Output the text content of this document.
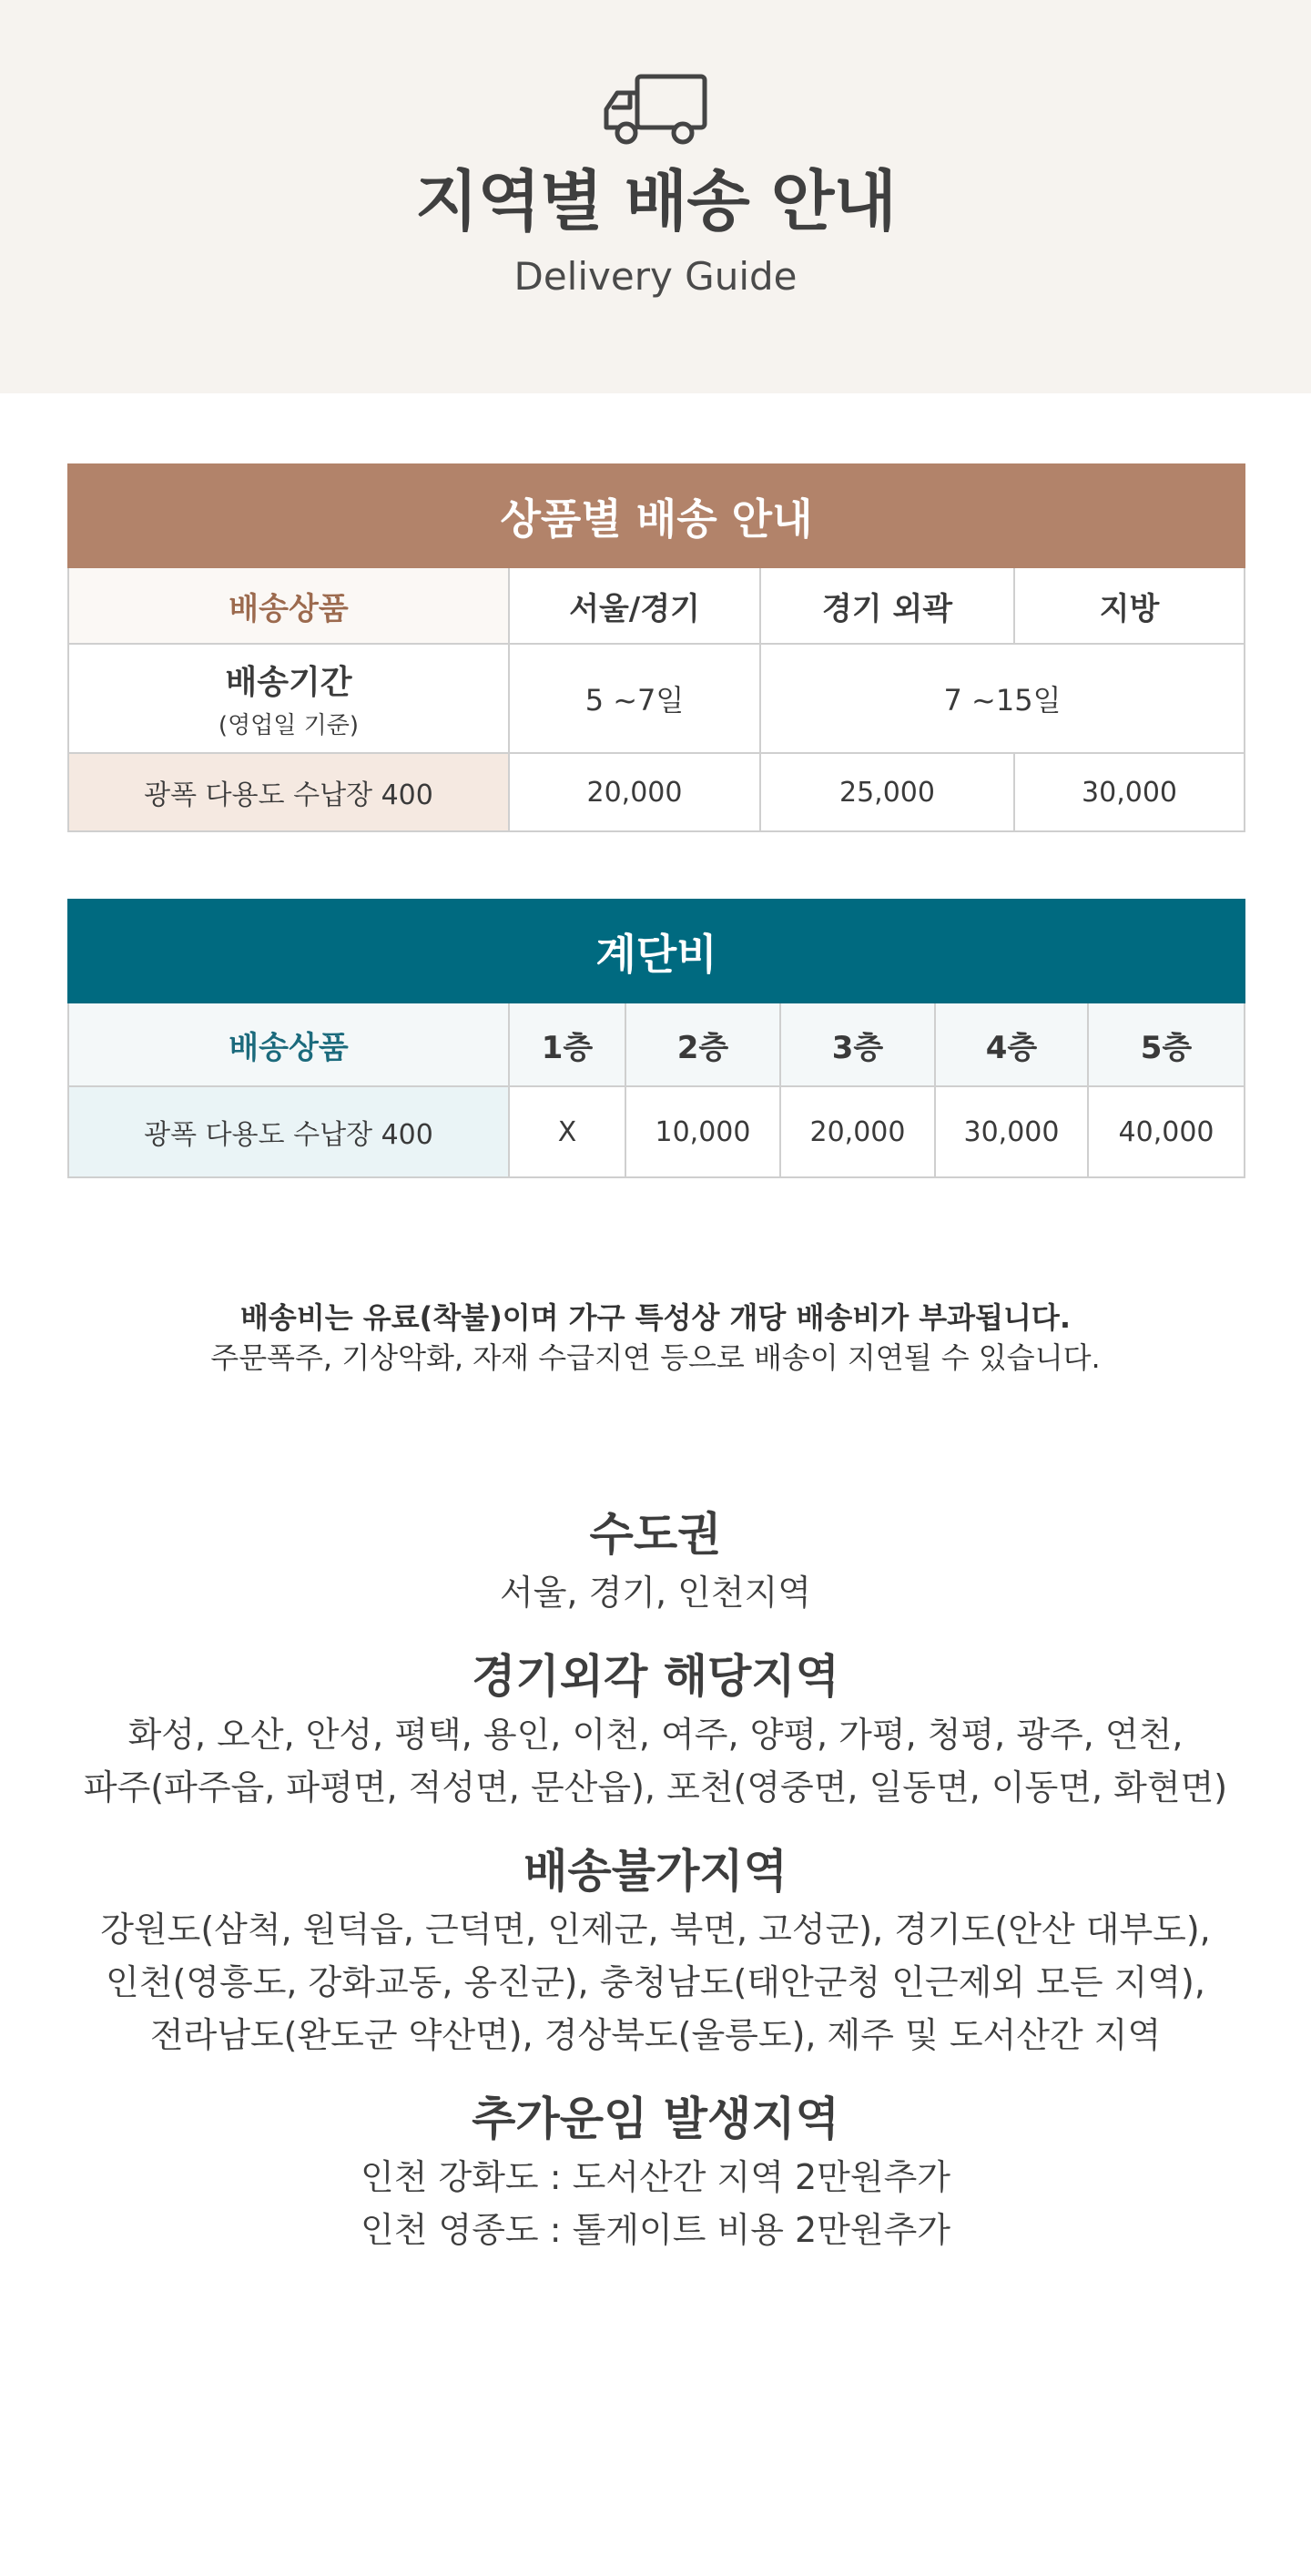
지역별 배송 안내
Delivery Guide
상품별 배송 안내			
배송상품	서울/경기	경기 외곽	지방
배송기간
(영업일 기준)	5 ~7일	7 ~15일	
광폭 다용도 수납장 400	20,000	25,000	30,000
계단비					
배송상품	1층	2층	3층	4층	5층
광폭 다용도 수납장 400	X	10,000	20,000	30,000	40,000
배송비는 유료(착불)이며 가구 특성상 개당 배송비가 부과됩니다.
주문폭주, 기상악화, 자재 수급지연 등으로 배송이 지연될 수 있습니다.
수도권
서울, 경기, 인천지역
경기외각 해당지역
화성, 오산, 안성, 평택, 용인, 이천, 여주, 양평, 가평, 청평, 광주, 연천,
파주(파주읍, 파평면, 적성면, 문산읍), 포천(영중면, 일동면, 이동면, 화현면)
배송불가지역
강원도(삼척, 원덕읍, 근덕면, 인제군, 북면, 고성군), 경기도(안산 대부도),
인천(영흥도, 강화교동, 옹진군), 충청남도(태안군청 인근제외 모든 지역),
전라남도(완도군 약산면), 경상북도(울릉도), 제주 및 도서산간 지역
추가운임 발생지역
인천 강화도 : 도서산간 지역 2만원추가
인천 영종도 : 톨게이트 비용 2만원추가
